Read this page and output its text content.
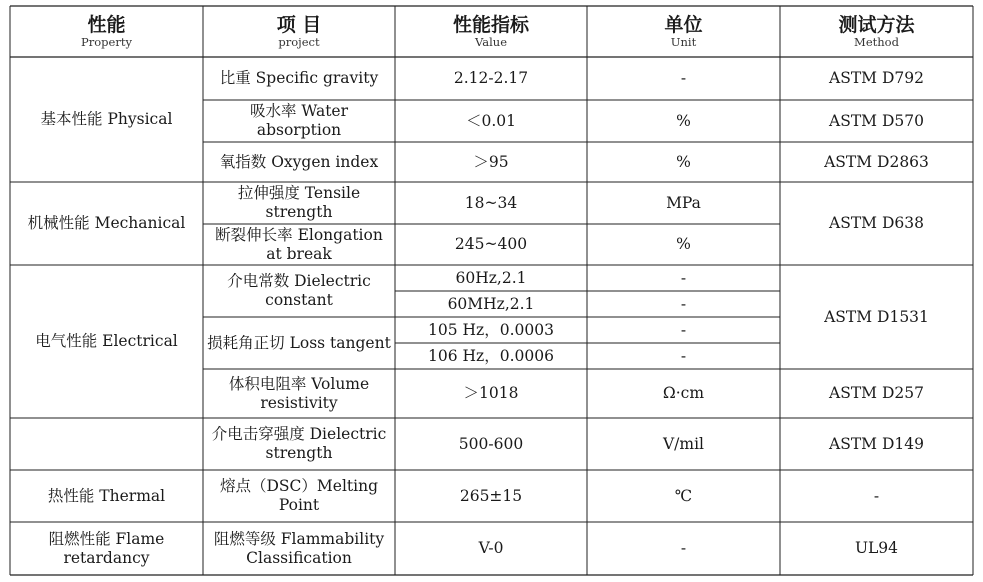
性能
Property
项 目
project
性能指标
Value
单位
Unit
测试方法
Method
基本性能 Physical
机械性能 Mechanical
电气性能 Electrical
热性能 Thermal
阻燃性能 Flame retardancy
比重 Specific gravity
吸水率 Water absorption
氧指数 Oxygen index
拉伸强度 Tensile strength
断裂伸长率 Elongation at break
介电常数 Dielectric constant
损耗角正切 Loss tangent
体积电阻率 Volume resistivity
介电击穿强度 Dielectric strength
熔点（DSC）Melting Point
阻燃等级 Flammability Classification
2.12-2.17
＜0.01
＞95
18~34
245~400
60Hz,2.1
60MHz,2.1
105 Hz，0.0003
106 Hz，0.0006
＞1018
500-600
265±15
V-0
-
%
%
MPa
%
-
-
-
-
Ω·cm
V/mil
℃
-
ASTM D792
ASTM D570
ASTM D2863
ASTM D638
ASTM D1531
ASTM D257
ASTM D149
-
UL94
